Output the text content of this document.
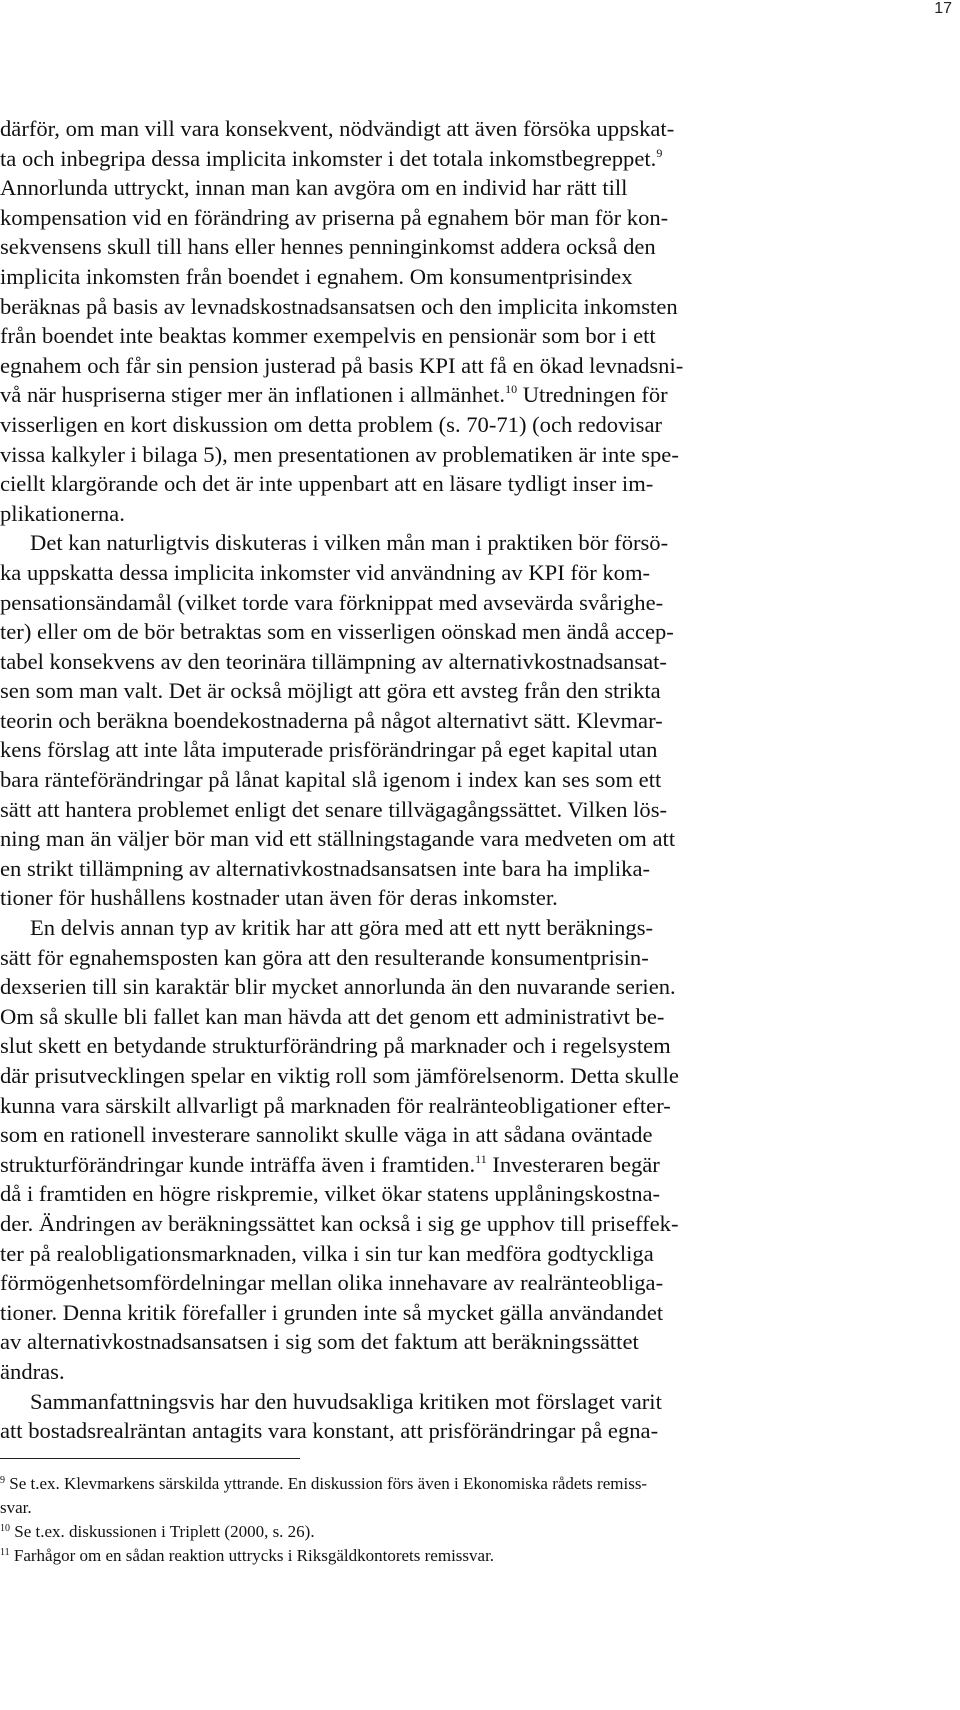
17
därför, om man vill vara konsekvent, nödvändigt att även försöka uppskat-
ta och inbegripa dessa implicita inkomster i det totala inkomstbegreppet.$^9$
Annorlunda uttryckt, innan man kan avgöra om en individ har rätt till
kompensation vid en förändring av priserna på egnahem bör man för kon-
sekvensens skull till hans eller hennes penninginkomst addera också den
implicita inkomsten från boendet i egnahem. Om konsumentprisindex
beräknas på basis av levnadskostnadsansatsen och den implicita inkomsten
från boendet inte beaktas kommer exempelvis en pensionär som bor i ett
egnahem och får sin pension justerad på basis KPI att få en ökad levnadsni-
vå när huspriserna stiger mer än inflationen i allmänhet.$^{10}$ Utredningen för
visserligen en kort diskussion om detta problem (s. 70-71) (och redovisar
vissa kalkyler i bilaga 5), men presentationen av problematiken är inte spe-
ciellt klargörande och det är inte uppenbart att en läsare tydligt inser im-
plikationerna.
Det kan naturligtvis diskuteras i vilken mån man i praktiken bör försö-
ka uppskatta dessa implicita inkomster vid användning av KPI för kom-
pensationsändamål (vilket torde vara förknippat med avsevärda svårighe-
ter) eller om de bör betraktas som en visserligen oönskad men ändå accep-
tabel konsekvens av den teorinära tillämpning av alternativkostnadsansat-
sen som man valt. Det är också möjligt att göra ett avsteg från den strikta
teorin och beräkna boendekostnaderna på något alternativt sätt. Klevmar-
kens förslag att inte låta imputerade prisförändringar på eget kapital utan
bara ränteförändringar på lånat kapital slå igenom i index kan ses som ett
sätt att hantera problemet enligt det senare tillvägagångssättet. Vilken lös-
ning man än väljer bör man vid ett ställningstagande vara medveten om att
en strikt tillämpning av alternativkostnadsansatsen inte bara ha implika-
tioner för hushållens kostnader utan även för deras inkomster.
En delvis annan typ av kritik har att göra med att ett nytt beräknings-
sätt för egnahemsposten kan göra att den resulterande konsumentprisin-
dexserien till sin karaktär blir mycket annorlunda än den nuvarande serien.
Om så skulle bli fallet kan man hävda att det genom ett administrativt be-
slut skett en betydande strukturförändring på marknader och i regelsystem
där prisutvecklingen spelar en viktig roll som jämförelsenorm. Detta skulle
kunna vara särskilt allvarligt på marknaden för realränteobligationer efter-
som en rationell investerare sannolikt skulle väga in att sådana oväntade
strukturförändringar kunde inträffa även i framtiden.$^{11}$ Investeraren begär
då i framtiden en högre riskpremie, vilket ökar statens upplåningskostna-
der. Ändringen av beräkningssättet kan också i sig ge upphov till priseffek-
ter på realobligationsmarknaden, vilka i sin tur kan medföra godtyckliga
förmögenhetsomfördelningar mellan olika innehavare av realränteobliga-
tioner. Denna kritik förefaller i grunden inte så mycket gälla användandet
av alternativkostnadsansatsen i sig som det faktum att beräkningssättet
ändras.
Sammanfattningsvis har den huvudsakliga kritiken mot förslaget varit
att bostadsrealräntan antagits vara konstant, att prisförändringar på egna-
$^9$ Se t.ex. Klevmarkens särskilda yttrande. En diskussion förs även i Ekonomiska rådets remiss-
svar.
$^{10}$ Se t.ex. diskussionen i Triplett (2000, s. 26).
$^{11}$ Farhågor om en sådan reaktion uttrycks i Riksgäldkontorets remissvar.
